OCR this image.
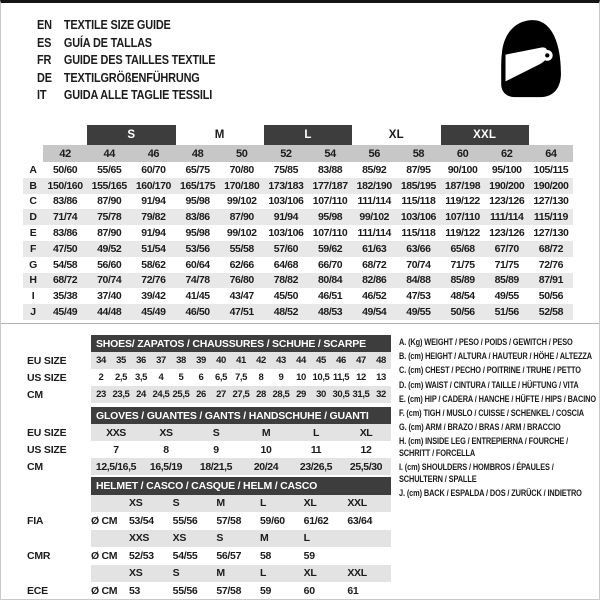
EN TEXTILE SIZE GUIDE
ES GUÍA DE TALLAS
FR GUIDE DES TAILLES TEXTILE
DE TEXTILGRÖßENFÜHRUNG
IT	GUIDA ALLE TAGLIE TESSILI
S	M	L	XL	XXL
42	44	46	48	50	52	54	56	58	60	62	64
A	50/60	55/65	60/70	65/75	70/80	75/85	83/88	85/92	87/95	90/100	95/100	105/115
B	150/160 155/165 160/170 165/175 170/180 173/183 177/187 182/190 185/195 187/198 190/200 190/200
C	83/86	87/90	91/94	95/98	99/102	103/106 107/110 111/114 115/118 119/122 123/126 127/130
D	71/74	75/78	79/82	83/86	87/90	91/94	95/98	99/102	103/106 107/110 111/114 115/119
E	83/86	87/90	91/94	95/98	99/102	103/106 107/110 111/114 115/118 119/122 123/126 127/130
F	47/50	49/52	51/54	53/56	55/58	57/60	59/62	61/63	63/66	65/68	67/70	68/72
G	54/58	56/60	58/62	60/64	62/66	64/68	66/70	68/72	70/74	71/75	71/75	72/76
H	68/72	70/74	72/76	74/78	76/80	78/82	80/84	82/86	84/88	85/89	85/89	87/91
I	35/38	37/40	39/42	41/45	43/47	45/50	46/51	46/52	47/53	48/54	49/55	50/56
J	45/49	44/48	45/49	46/50	47/51	48/52	48/53	49/54	49/55	50/56	51/56	52/58
SHOES/ ZAPATOS / CHAUSSURES / SCHUHE / SCARPE
EU SIZE	34	35	36	37	38	39	40	41	42	43	44	45	46	47	48
US SIZE	2	2,5 3,5	4	5	6	6,5 7,5	8	9	10 10,5 11,5 12	13
CM	23 23,5 24 24,5 25,5 26	27 27,5 28 28,5 29	30 30,5 31,5 32
GLOVES / GUANTES / GANTS / HANDSCHUHE / GUANTI
EU SIZE	XXS	XS	S	M	L	XL
US SIZE	7	8	9	10	11	12
CM	12,5/16,5	16,5/19	18/21,5	20/24	23/26,5	25,5/30
HELMET / CASCO / CASQUE / HELM / CASCO
XS	S	M	L	XL	XXL
FIA	Ø CM	53/54	55/56	57/58	59/60	61/62	63/64
XXS	XS	S	M	L
CMR	Ø CM	52/53	54/55	56/57	58	59
XS	S	M	L	XL	XXL
ECE	Ø CM	53	55/56	57/58	59	60	61
A. (Kg) WEIGHT / PESO / POIDS / GEWITCH / PESO
B. (cm) HEIGHT / ALTURA / HAUTEUR / HÖHE / ALTEZZA
C. (cm) CHEST / PECHO / POITRINE / TRUHE / PETTO
D. (cm) WAIST / CINTURA / TAILLE / HÜFTUNG / VITA
E. (cm) HIP / CADERA / HANCHE / HÜFTE / HIPS / BACINO
F. (cm) TIGH / MUSLO / CUISSE / SCHENKEL / COSCIA
G. (cm) ARM / BRAZO / BRAS / ARM / BRACCIO
H. (cm) INSIDE LEG / ENTREPIERNA / FOURCHE / SCHRITT / FORCELLA
I. (cm) SHOULDERS / HOMBROS / ÉPAULES / SCHULTERN / SPALLE
J. (cm) BACK / ESPALDA / DOS / ZURÜCK / INDIETRO
